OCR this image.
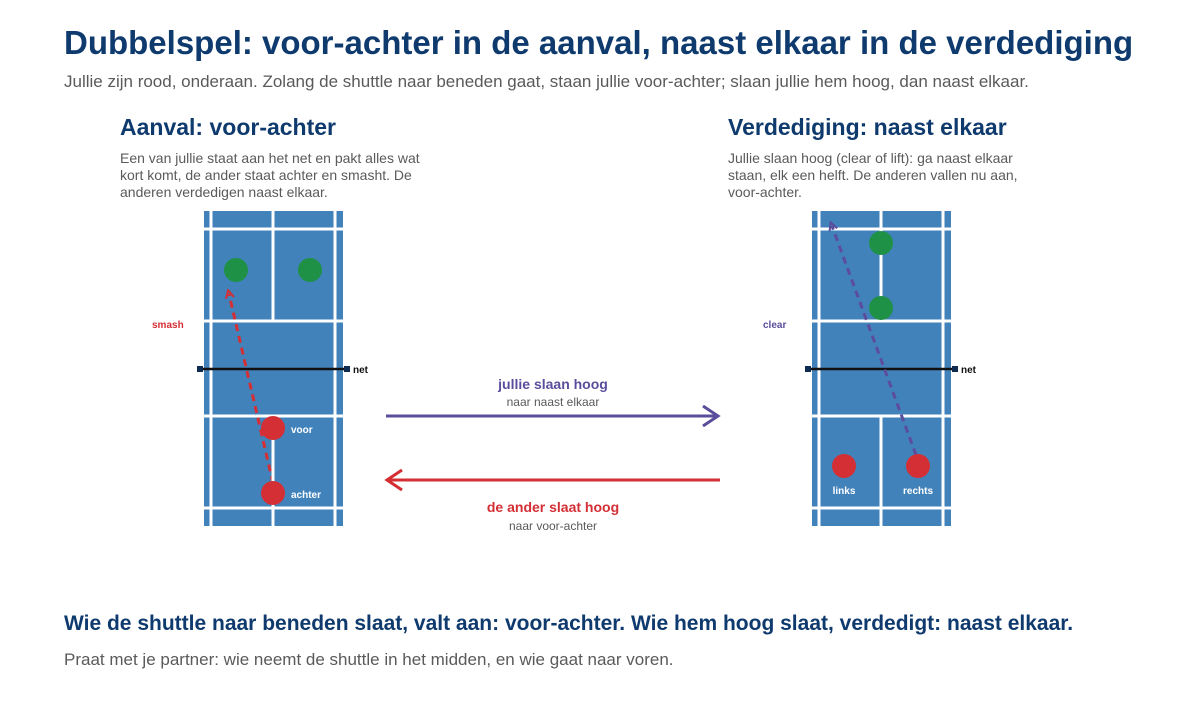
Dubbelspel: voor-achter in de aanval, naast elkaar in de verdediging

Jullie zijn rood, onderaan. Zolang de shuttle naar beneden gaat, staan jullie voor-achter; slaan jullie hem hoog, dan naast elkaar.

Aanval: voor-achter

Een van jullie staat aan het net en pakt alles wat
kort komt, de ander staat achter en smasht. De
anderen verdedigen naast elkaar.

Verdediging: naast elkaar

Jullie slaan hoog (clear of lift): ga naast elkaar
staan, elk een helft. De anderen vallen nu aan,
voor-achter.

net
smash
voor
achter
jullie slaan hoog
naar naast elkaar
de ander slaat hoog
naar voor-achter
net
clear
links	rechts

Wie de shuttle naar beneden slaat, valt aan: voor-achter. Wie hem hoog slaat, verdedigt: naast elkaar.

Praat met je partner: wie neemt de shuttle in het midden, en wie gaat naar voren.
